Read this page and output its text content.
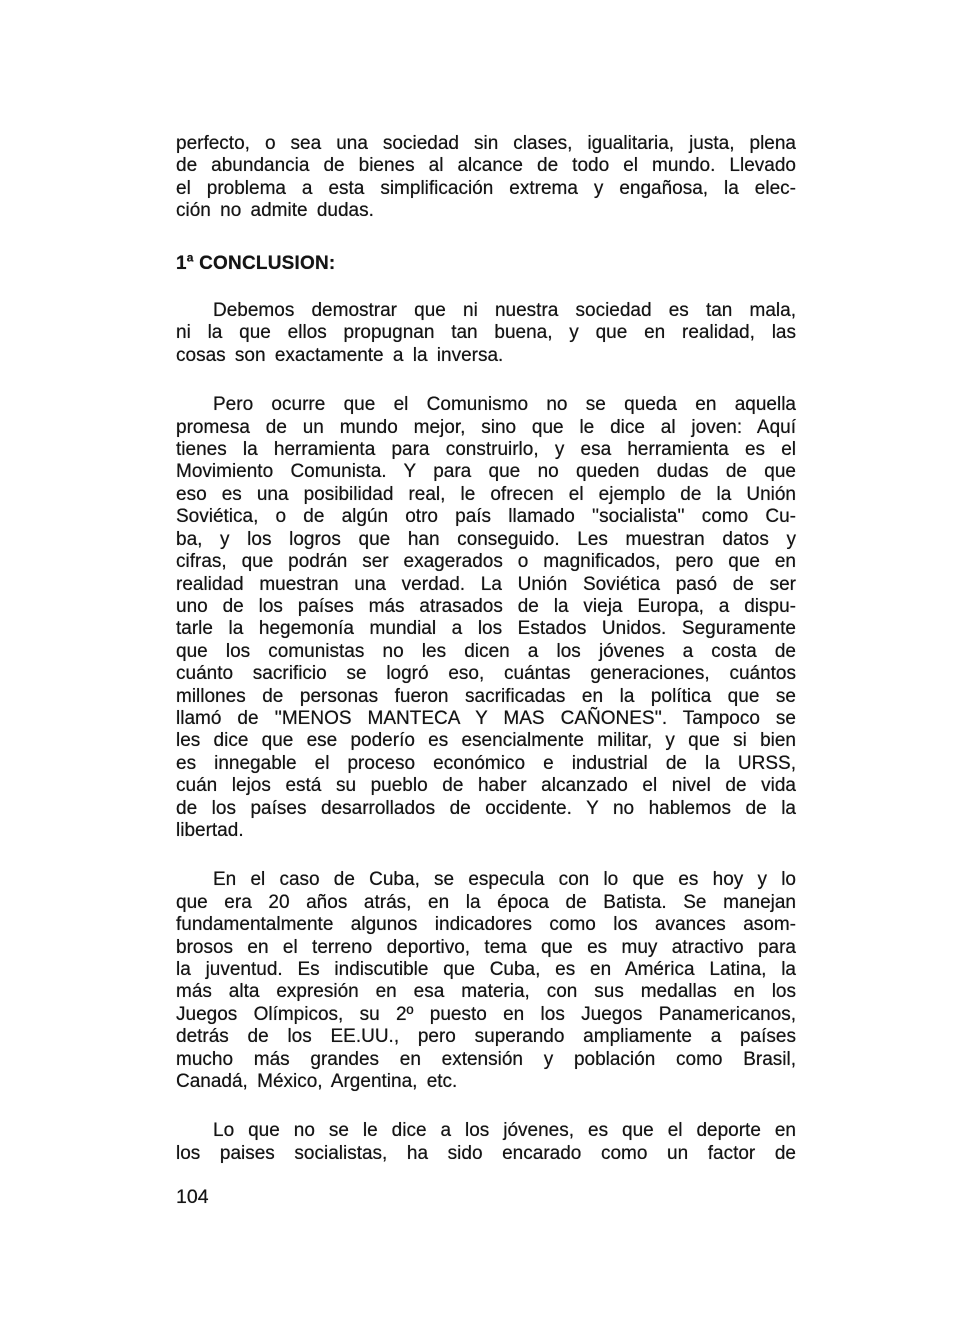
perfecto, o sea una sociedad sin clases, igualitaria, justa, plena
de abundancia de bienes al alcance de todo el mundo. Llevado
el problema a esta simplificación extrema y engañosa, la elec-
ción no admite dudas.
1$^a$ CONCLUSION:
Debemos demostrar que ni nuestra sociedad es tan mala,
ni la que ellos propugnan tan buena, y que en realidad, las
cosas son exactamente a la inversa.
Pero ocurre que el Comunismo no se queda en aquella
promesa de un mundo mejor, sino que le dice al joven: Aquí
tienes la herramienta para construirlo, y esa herramienta es el
Movimiento Comunista. Y para que no queden dudas de que
eso es una posibilidad real, le ofrecen el ejemplo de la Unión
Soviética, o de algún otro país llamado ''socialista'' como Cu-
ba, y los logros que han conseguido. Les muestran datos y
cifras, que podrán ser exagerados o magnificados, pero que en
realidad muestran una verdad. La Unión Soviética pasó de ser
uno de los países más atrasados de la vieja Europa, a dispu-
tarle la hegemonía mundial a los Estados Unidos. Seguramente
que los comunistas no les dicen a los jóvenes a costa de
cuánto sacrificio se logró eso, cuántas generaciones, cuántos
millones de personas fueron sacrificadas en la política que se
llamó de ''MENOS MANTECA Y MAS CAÑONES''. Tampoco se
les dice que ese poderío es esencialmente militar, y que si bien
es innegable el proceso económico e industrial de la URSS,
cuán lejos está su pueblo de haber alcanzado el nivel de vida
de los países desarrollados de occidente. Y no hablemos de la
libertad.
En el caso de Cuba, se especula con lo que es hoy y lo
que era 20 años atrás, en la época de Batista. Se manejan
fundamentalmente algunos indicadores como los avances asom-
brosos en el terreno deportivo, tema que es muy atractivo para
la juventud. Es indiscutible que Cuba, es en América Latina, la
más alta expresión en esa materia, con sus medallas en los
Juegos Olímpicos, su 2º puesto en los Juegos Panamericanos,
detrás de los EE.UU., pero superando ampliamente a países
mucho más grandes en extensión y población como Brasil,
Canadá, México, Argentina, etc.
Lo que no se le dice a los jóvenes, es que el deporte en
los paises socialistas, ha sido encarado como un factor de
104
